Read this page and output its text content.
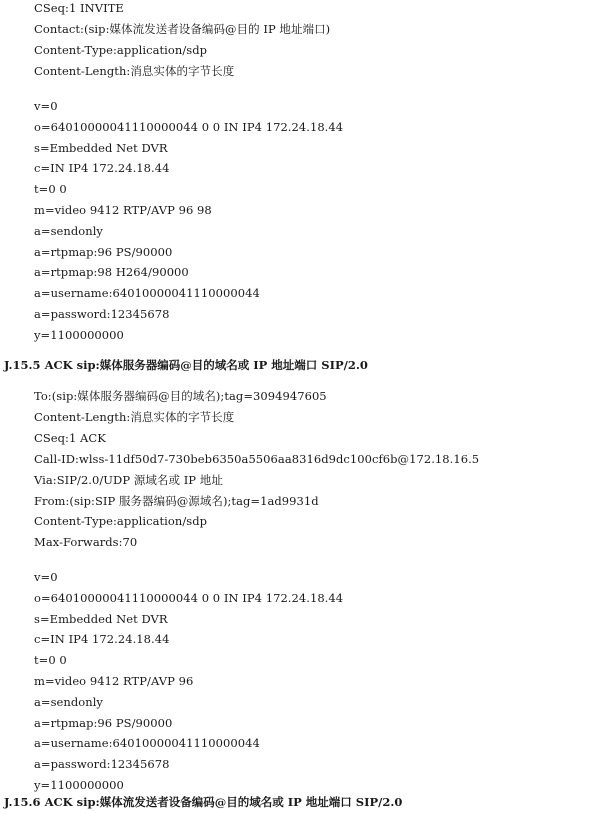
CSeq:1 INVITE
Contact:(sip:媒体流发送者设备编码@目的 IP 地址端口)
Content-Type:application/sdp
Content-Length:消息实体的字节长度
v=0
o=64010000041110000044 0 0 IN IP4 172.24.18.44
s=Embedded Net DVR
c=IN IP4 172.24.18.44
t=0 0
m=video 9412 RTP/AVP 96 98
a=sendonly
a=rtpmap:96 PS/90000
a=rtpmap:98 H264/90000
a=username:64010000041110000044
a=password:12345678
y=1100000000
J.15.5 ACK sip:媒体服务器编码@目的域名或 IP 地址端口 SIP/2.0
To:(sip:媒体服务器编码@目的域名);tag=3094947605
Content-Length:消息实体的字节长度
CSeq:1 ACK
Call-ID:wlss-11df50d7-730beb6350a5506aa8316d9dc100cf6b@172.18.16.5
Via:SIP/2.0/UDP 源域名或 IP 地址
From:(sip:SIP 服务器编码@源域名);tag=1ad9931d
Content-Type:application/sdp
Max-Forwards:70
v=0
o=64010000041110000044 0 0 IN IP4 172.24.18.44
s=Embedded Net DVR
c=IN IP4 172.24.18.44
t=0 0
m=video 9412 RTP/AVP 96
a=sendonly
a=rtpmap:96 PS/90000
a=username:64010000041110000044
a=password:12345678
y=1100000000
J.15.6 ACK sip:媒体流发送者设备编码@目的域名或 IP 地址端口 SIP/2.0
